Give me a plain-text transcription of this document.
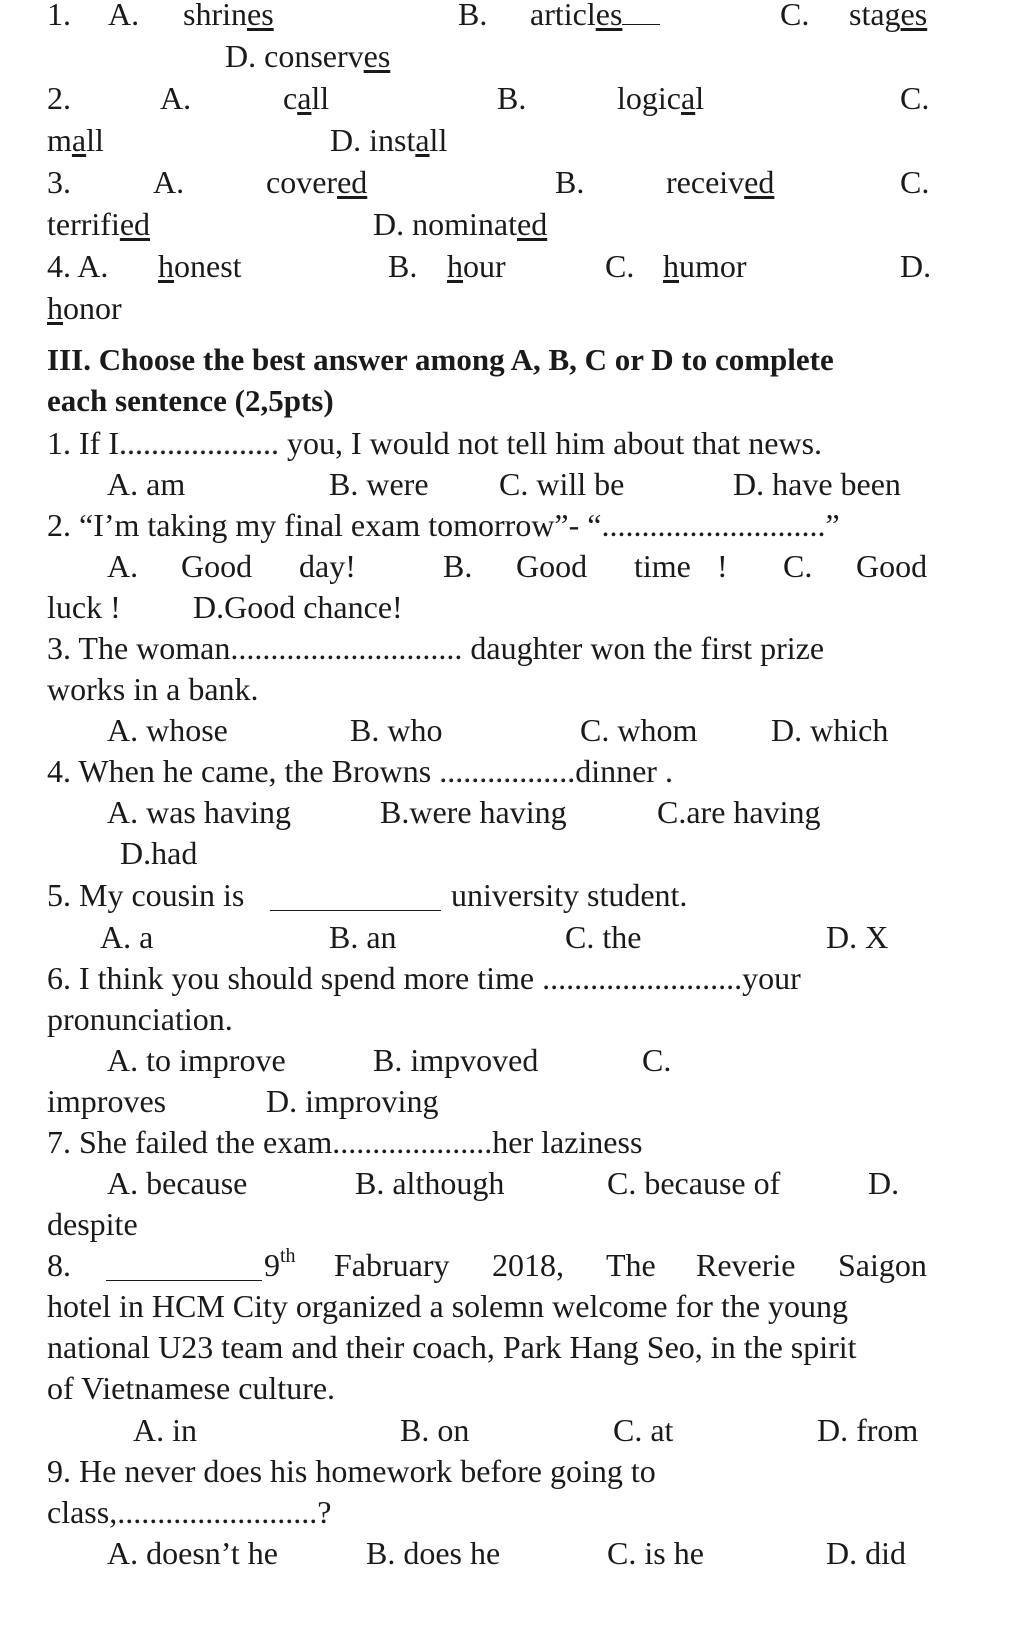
1. A. shrines	B. articles	C. stages
D. conserves
2.	A.	call	B.	logical	C.
mall	D. install
3.	A.	covered	B.	received	C.
terrified	D. nominated
4. A. honest	B. hour	C. humor	D.
honor
III. Choose the best answer among A, B, C or D to complete
each sentence (2,5pts)
1. If I.................... you, I would not tell him about that news.
A. am	B. were C. will be	D. have been
2. “I’m taking my final exam tomorrow”- “............................”
A. Good day!	B. Good time ! C. Good
luck ! D.Good chance!
3. The woman............................. daughter won the first prize
works in a bank.
A. whose	B. who	C. whom D. which
4. When he came, the Browns .................dinner .
A. was having	B.were having	C.are having
D.had
5. My cousin is	university student.
A. a	B. an	C. the	D. X
6. I think you should spend more time .........................your
pronunciation.
A. to improve	B. impvoved	C.
improves	D. improving
7. She failed the exam....................her laziness
A. because	B. although	C. because of	D.
despite
8.	9th Fabruary 2018, The Reverie Saigon
hotel in HCM City organized a solemn welcome for the young
national U23 team and their coach, Park Hang Seo, in the spirit
of Vietnamese culture.
A. in	B. on	C. at	D. from
9. He never does his homework before going to
class,.........................?
A. doesn’t he	B. does he	C. is he	D. did
